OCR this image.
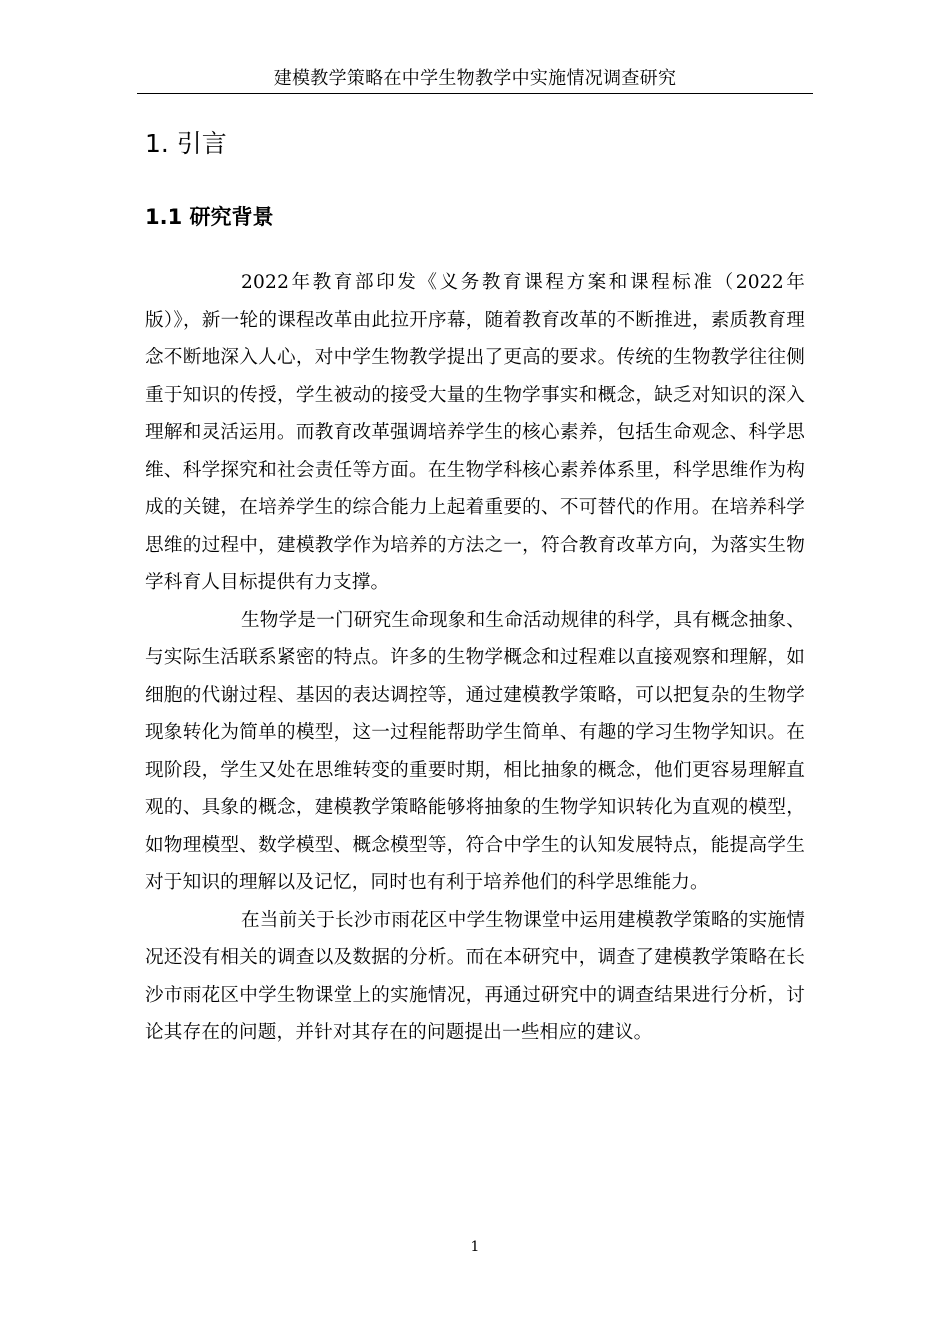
建模教学策略在中学生物教学中实施情况调查研究
1. 引言
1.1 研究背景

2022年教育部印发《义务教育课程方案和课程标准（2022年版）》，新一轮的课程改革由此拉开序幕，随着教育改革的不断推进，素质教育理念不断地深入人心，对中学生物教学提出了更高的要求。传统的生物教学往往侧重于知识的传授，学生被动的接受大量的生物学事实和概念，缺乏对知识的深入理解和灵活运用。而教育改革强调培养学生的核心素养，包括生命观念、科学思维、科学探究和社会责任等方面。在生物学科核心素养体系里，科学思维作为构成的关键，在培养学生的综合能力上起着重要的、不可替代的作用。在培养科学思维的过程中，建模教学作为培养的方法之一，符合教育改革方向，为落实生物学科育人目标提供有力支撑。

生物学是一门研究生命现象和生命活动规律的科学，具有概念抽象、与实际生活联系紧密的特点。许多的生物学概念和过程难以直接观察和理解，如细胞的代谢过程、基因的表达调控等，通过建模教学策略，可以把复杂的生物学现象转化为简单的模型，这一过程能帮助学生简单、有趣的学习生物学知识。在现阶段，学生又处在思维转变的重要时期，相比抽象的概念，他们更容易理解直观的、具象的概念，建模教学策略能够将抽象的生物学知识转化为直观的模型，如物理模型、数学模型、概念模型等，符合中学生的认知发展特点，能提高学生对于知识的理解以及记忆，同时也有利于培养他们的科学思维能力。

在当前关于长沙市雨花区中学生物课堂中运用建模教学策略的实施情况还没有相关的调查以及数据的分析。而在本研究中，调查了建模教学策略在长沙市雨花区中学生物课堂上的实施情况，再通过研究中的调查结果进行分析，讨论其存在的问题，并针对其存在的问题提出一些相应的建议。

1
